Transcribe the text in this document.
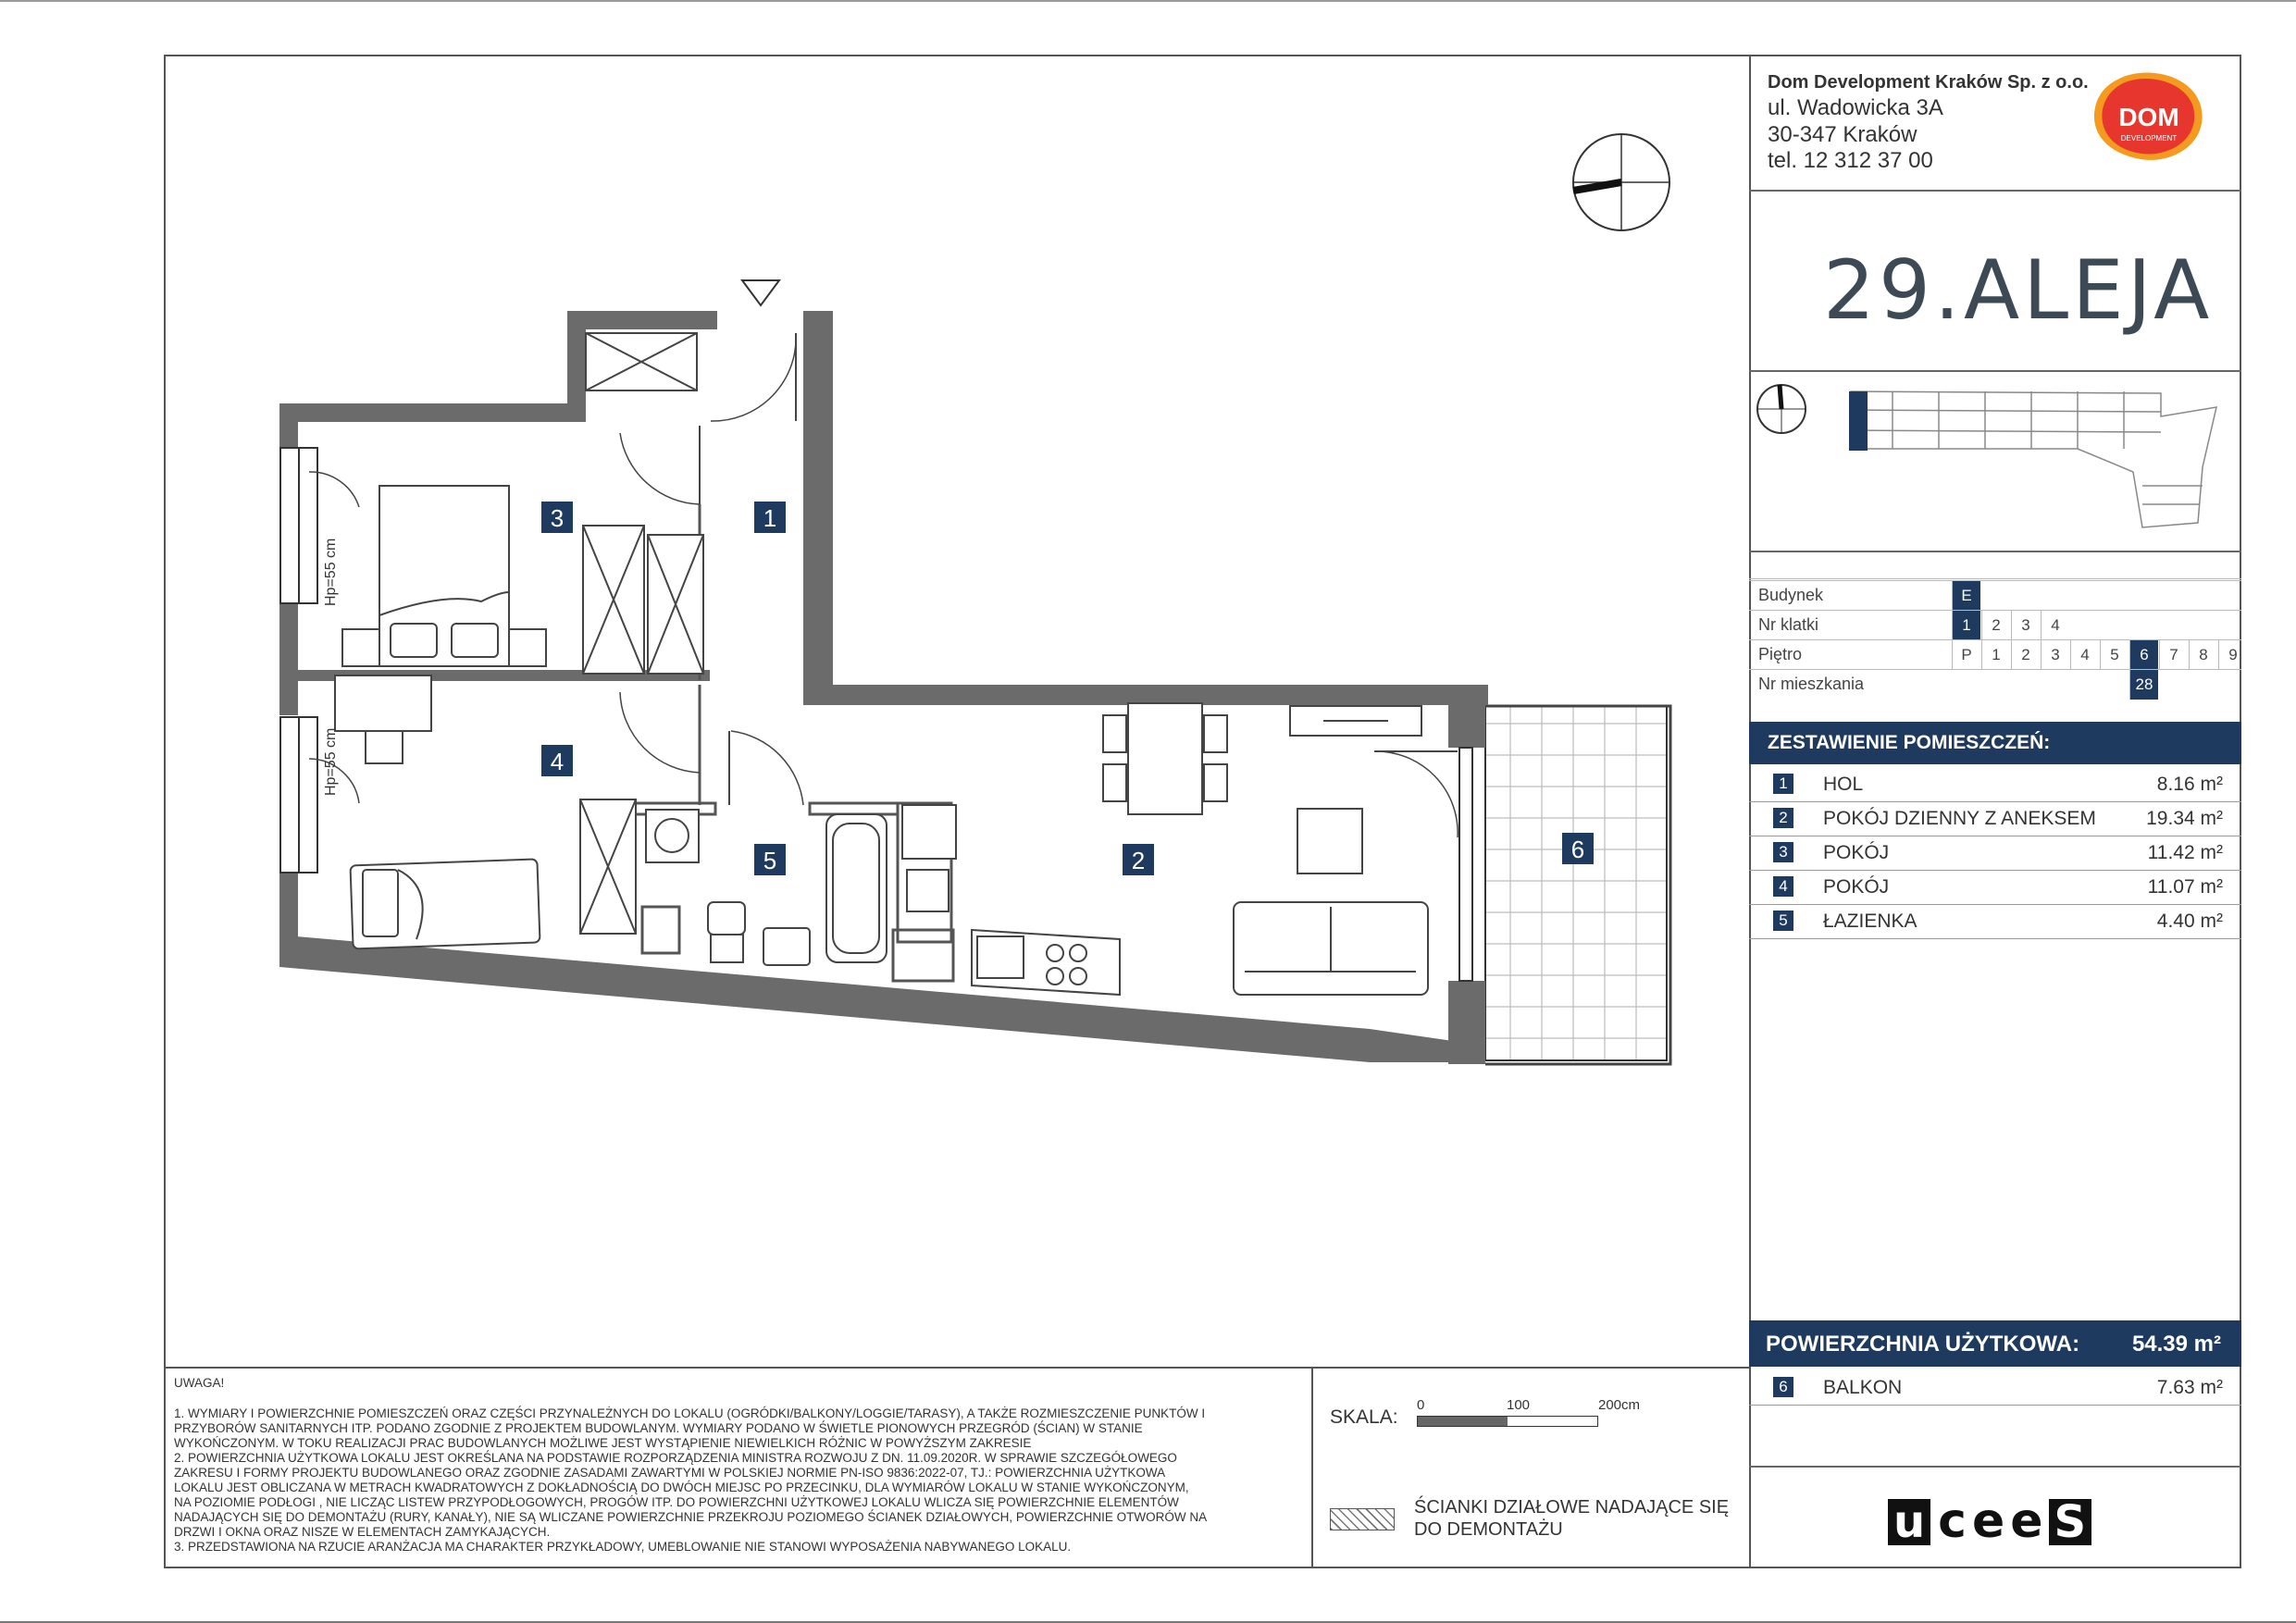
3	1
4
5	2	6
Hp=55 cm
Hp=55 cm
Dom Development Kraków Sp. z o.o.
ul. Wadowicka 3A
30-347 Kraków
tel. 12 312 37 00
DOM
DEVELOPMENT
29.ALEJA
Budynek	E
Nr klatki	1	2	3	4
Piętro	P	1	2	3	4	5	6	7	8	9
Nr mieszkania	28
ZESTAWIENIE POMIESZCZEŃ:
1 HOL	8.16 m²
2 POKÓJ DZIENNY Z ANEKSEM	19.34 m²
3 POKÓJ	11.42 m²
4 POKÓJ	11.07 m²
5 ŁAZIENKA	4.40 m²
POWIERZCHNIA UŻYTKOWA: 54.39 m²
6 BALKON	7.63 m²
u cee S
UWAGA!
1. WYMIARY I POWIERZCHNIE POMIESZCZEŃ ORAZ CZĘŚCI PRZYNALEŻNYCH DO LOKALU (OGRÓDKI/BALKONY/LOGGIE/TARASY), A TAKŻE ROZMIESZCZENIE PUNKTÓW I
PRZYBORÓW SANITARNYCH ITP. PODANO ZGODNIE Z PROJEKTEM BUDOWLANYM. WYMIARY PODANO W ŚWIETLE PIONOWYCH PRZEGRÓD (ŚCIAN) W STANIE
WYKOŃCZONYM. W TOKU REALIZACJI PRAC BUDOWLANYCH MOŻLIWE JEST WYSTĄPIENIE NIEWIELKICH RÓŻNIC W POWYŻSZYM ZAKRESIE
2. POWIERZCHNIA UŻYTKOWA LOKALU JEST OKREŚLANA NA PODSTAWIE ROZPORZĄDZENIA MINISTRA ROZWOJU Z DN. 11.09.2020R. W SPRAWIE SZCZEGÓŁOWEGO
ZAKRESU I FORMY PROJEKTU BUDOWLANEGO ORAZ ZGODNIE ZASADAMI ZAWARTYMI W POLSKIEJ NORMIE PN-ISO 9836:2022-07, TJ.: POWIERZCHNIA UŻYTKOWA
LOKALU JEST OBLICZANA W METRACH KWADRATOWYCH Z DOKŁADNOŚCIĄ DO DWÓCH MIEJSC PO PRZECINKU, DLA WYMIARÓW LOKALU W STANIE WYKOŃCZONYM,
NA POZIOMIE PODŁOGI , NIE LICZĄC LISTEW PRZYPODŁOGOWYCH, PROGÓW ITP. DO POWIERZCHNI UŻYTKOWEJ LOKALU WLICZA SIĘ POWIERZCHNIE ELEMENTÓW
NADAJĄCYCH SIĘ DO DEMONTAŻU (RURY, KANAŁY), NIE SĄ WLICZANE POWIERZCHNIE PRZEKROJU POZIOMEGO ŚCIANEK DZIAŁOWYCH, POWIERZCHNIE OTWORÓW NA
DRZWI I OKNA ORAZ NISZE W ELEMENTACH ZAMYKAJĄCYCH.
3. PRZEDSTAWIONA NA RZUCIE ARANŻACJA MA CHARAKTER PRZYKŁADOWY, UMEBLOWANIE NIE STANOWI WYPOSAŻENIA NABYWANEGO LOKALU.
SKALA:
0	100	200cm
ŚCIANKI DZIAŁOWE NADAJĄCE SIĘ
DO DEMONTAŻU
